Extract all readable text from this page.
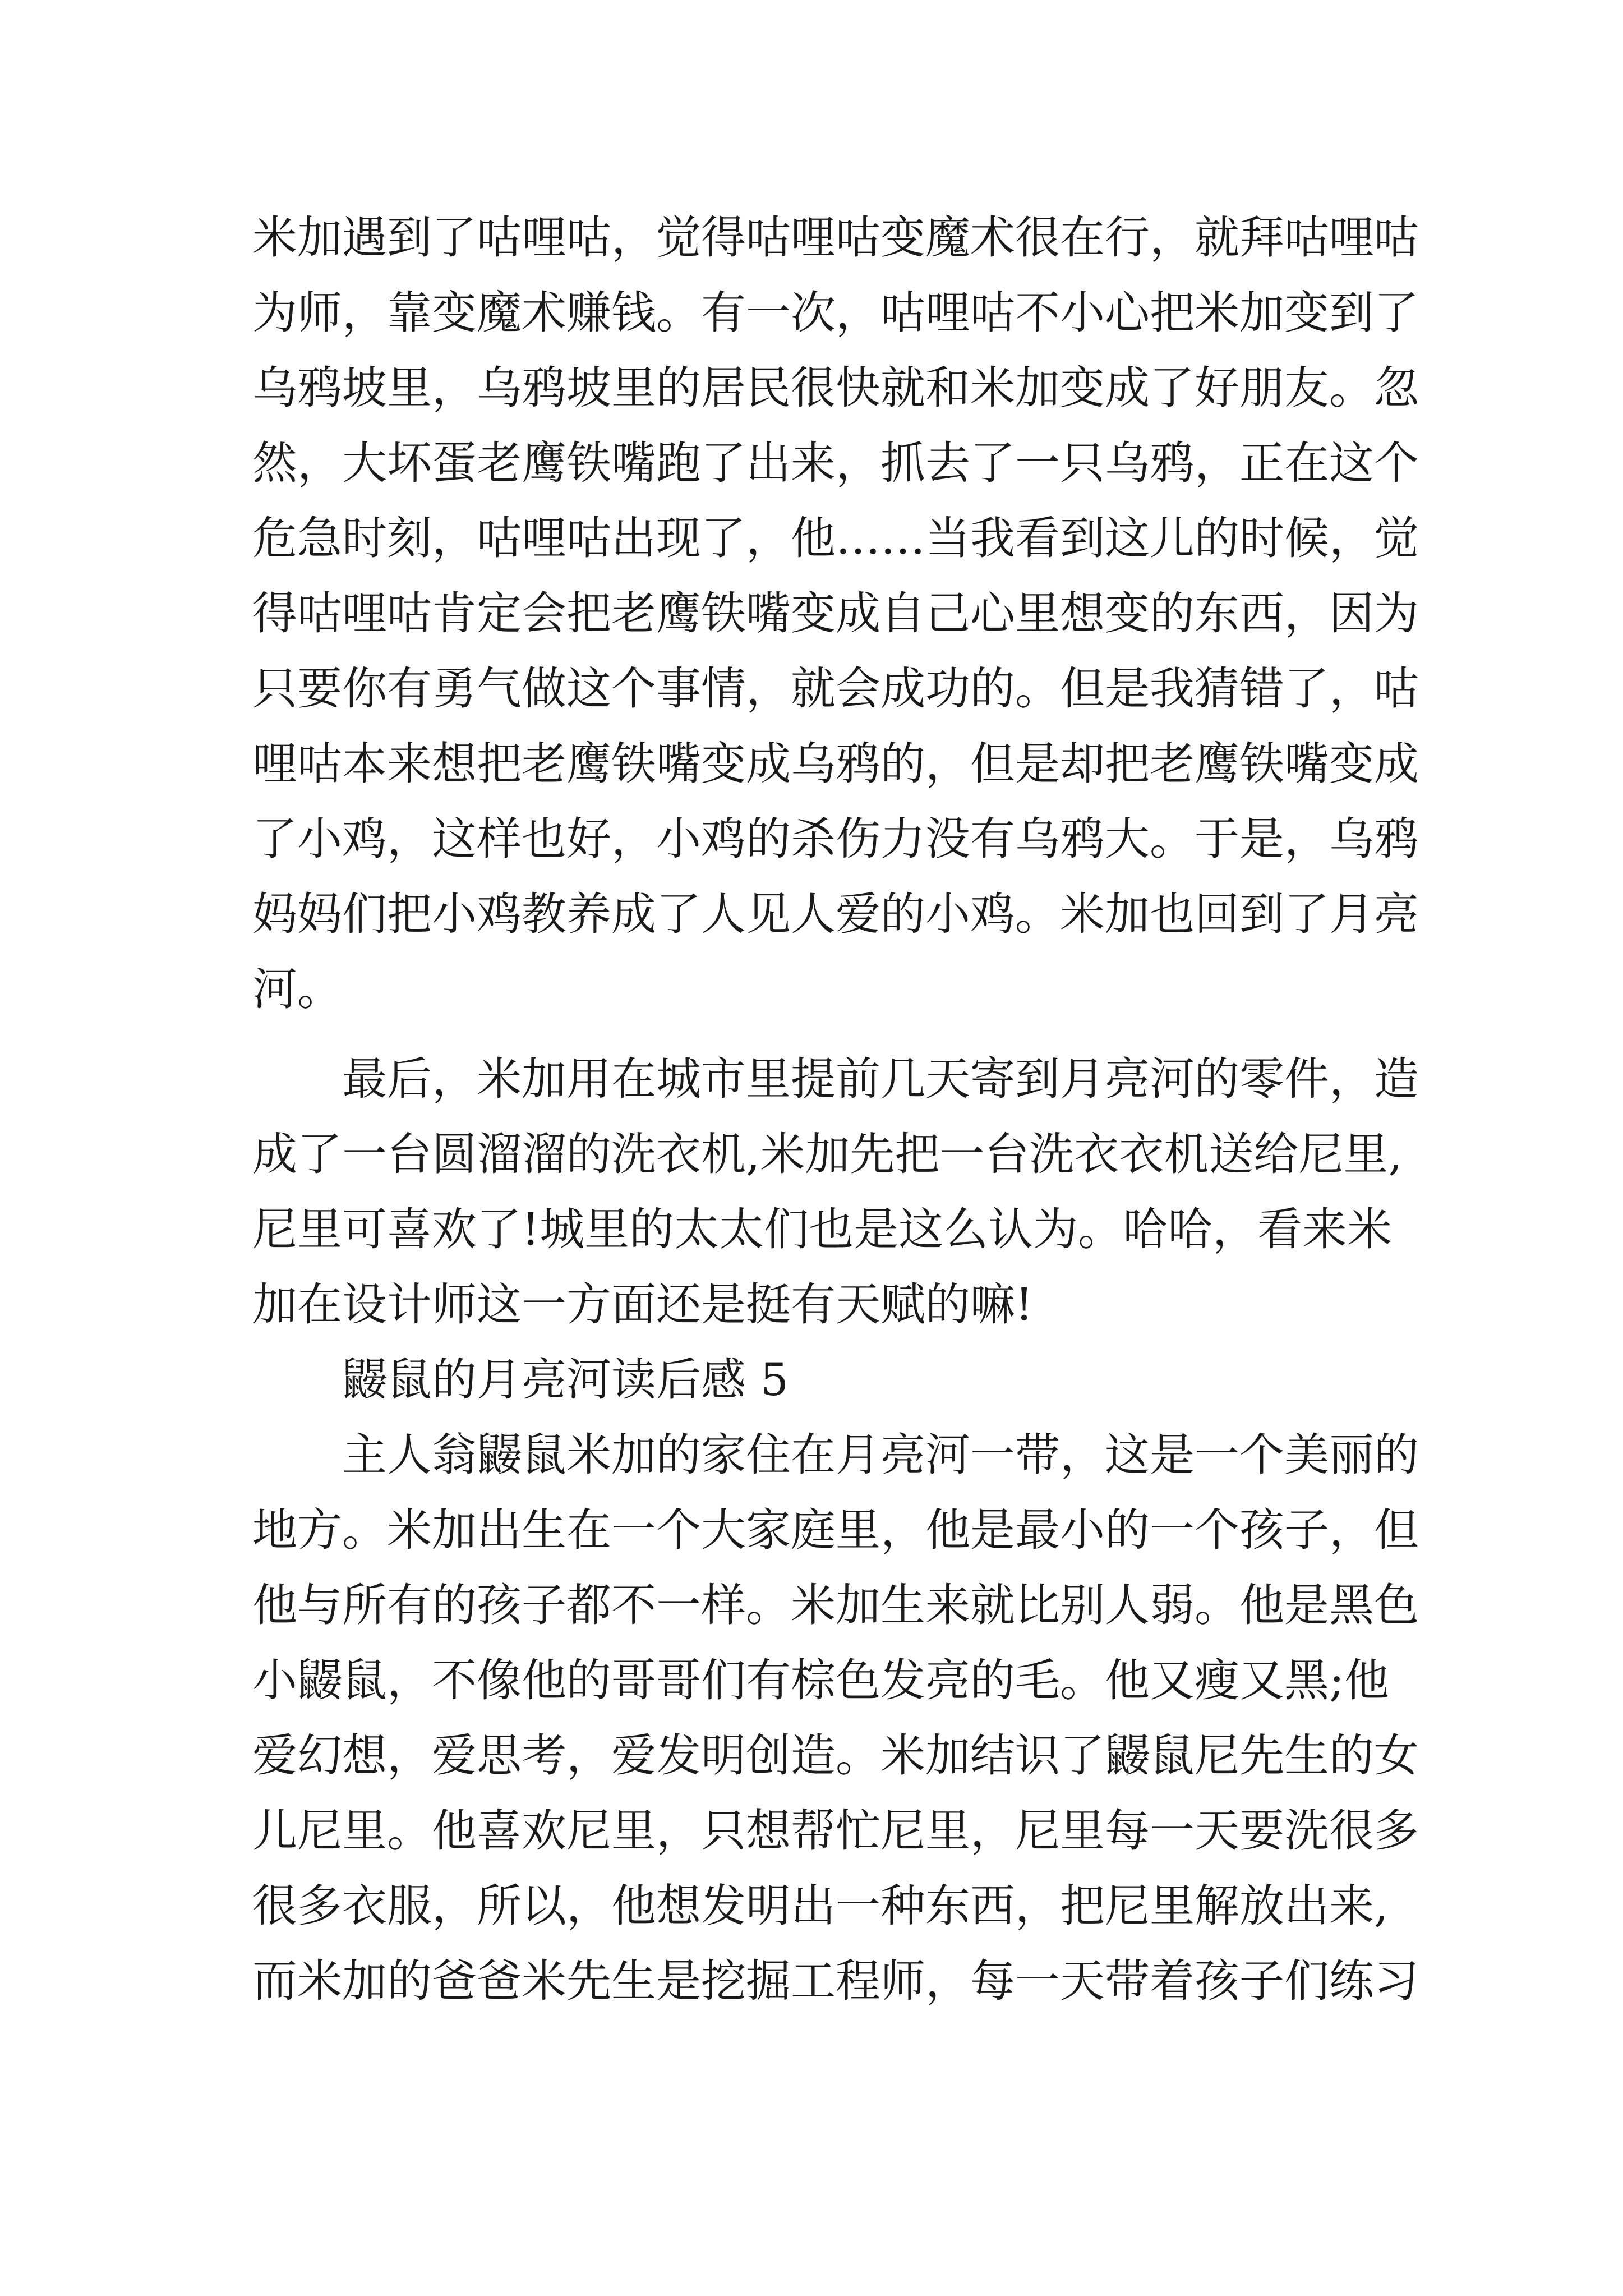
米加遇到了咕哩咕，觉得咕哩咕变魔术很在行，就拜咕哩咕
为师，靠变魔术赚钱。有一次，咕哩咕不小心把米加变到了
乌鸦坡里，乌鸦坡里的居民很快就和米加变成了好朋友。忽
然，大坏蛋老鹰铁嘴跑了出来，抓去了一只乌鸦，正在这个
危急时刻，咕哩咕出现了，他……当我看到这儿的时候，觉
得咕哩咕肯定会把老鹰铁嘴变成自己心里想变的东西，因为
只要你有勇气做这个事情，就会成功的。但是我猜错了，咕
哩咕本来想把老鹰铁嘴变成乌鸦的，但是却把老鹰铁嘴变成
了小鸡，这样也好，小鸡的杀伤力没有乌鸦大。于是，乌鸦
妈妈们把小鸡教养成了人见人爱的小鸡。米加也回到了月亮
河。
最后，米加用在城市里提前几天寄到月亮河的零件，造
成了一台圆溜溜的洗衣机,米加先把一台洗衣衣机送给尼里,
尼里可喜欢了!城里的太太们也是这么认为。哈哈，看来米
加在设计师这一方面还是挺有天赋的嘛!
鼹鼠的月亮河读后感 5
主人翁鼹鼠米加的家住在月亮河一带，这是一个美丽的
地方。米加出生在一个大家庭里，他是最小的一个孩子，但
他与所有的孩子都不一样。米加生来就比别人弱。他是黑色
小鼹鼠，不像他的哥哥们有棕色发亮的毛。他又瘦又黑;他
爱幻想，爱思考，爱发明创造。米加结识了鼹鼠尼先生的女
儿尼里。他喜欢尼里，只想帮忙尼里，尼里每一天要洗很多
很多衣服，所以，他想发明出一种东西，把尼里解放出来,
而米加的爸爸米先生是挖掘工程师，每一天带着孩子们练习
